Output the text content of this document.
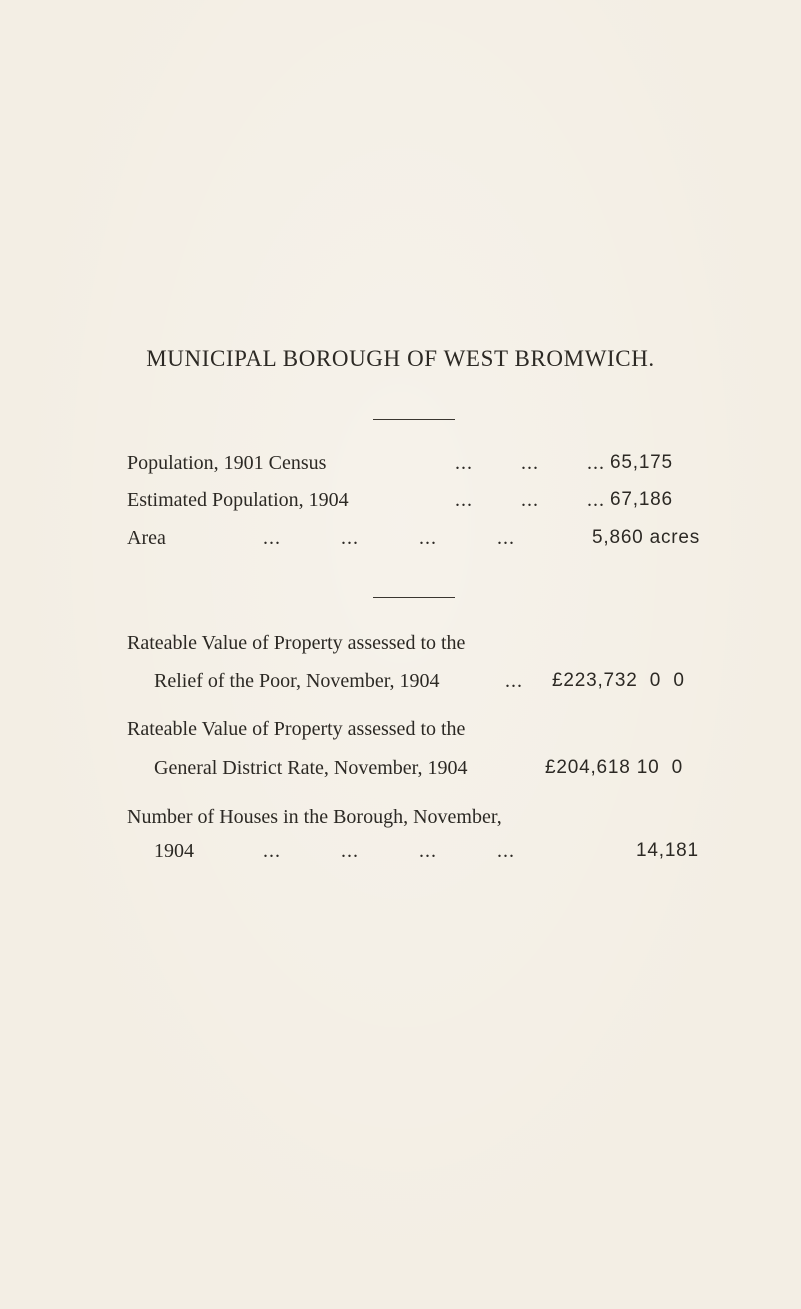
MUNICIPAL BOROUGH OF WEST BROMWICH.
Population, 1901 Census	...        ...        ... 65,175
Estimated Population, 1904	...        ...        ... 67,186
Area	...          ...          ...          ...	5,860 acres
Rateable Value of Property assessed to the
Relief of the Poor, November, 1904	... £223,732  0  0
Rateable Value of Property assessed to the
General District Rate, November, 1904	£204,618 10  0
Number of Houses in the Borough, November,
1904	...          ...          ...          ...	14,181
